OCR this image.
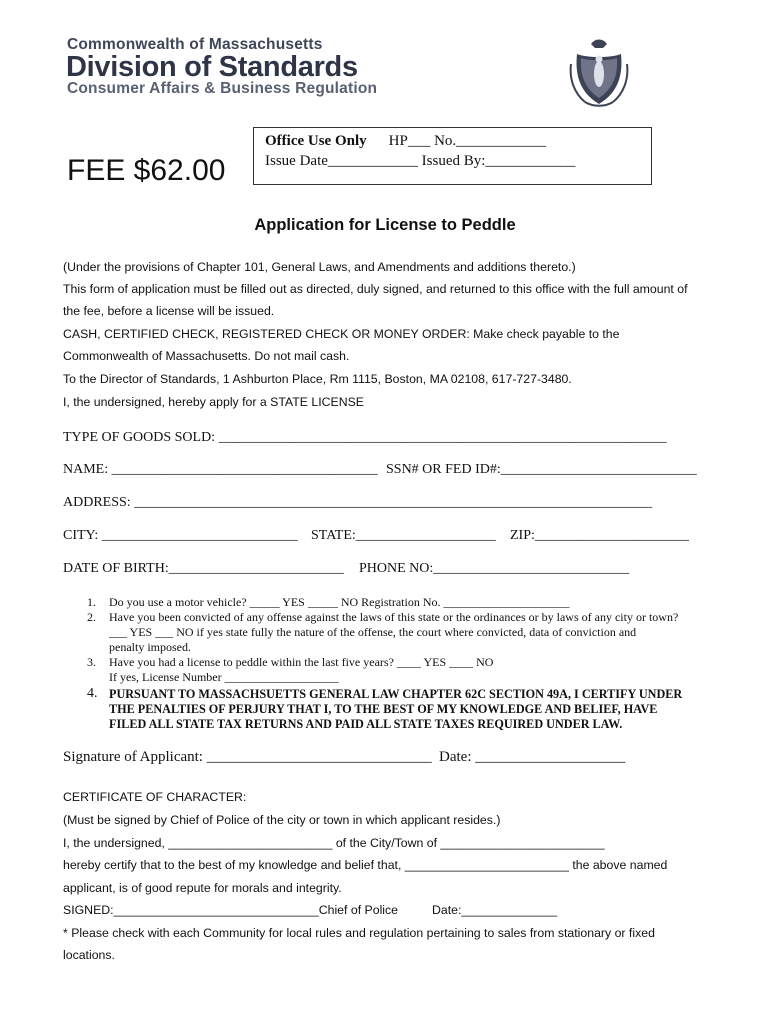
Commonwealth of Massachusetts
Division of Standards
Consumer Affairs & Business Regulation
Office Use Only HP___ No.____________
Issue Date____________ Issued By:____________
FEE $62.00
Application for License to Peddle
(Under the provisions of Chapter 101, General Laws, and Amendments and additions thereto.)
This form of application must be filled out as directed, duly signed, and returned to this office with the full amount of
the fee, before a license will be issued.
CASH, CERTIFIED CHECK, REGISTERED CHECK OR MONEY ORDER: Make check payable to the
Commonwealth of Massachusetts. Do not mail cash.
To the Director of Standards, 1 Ashburton Place, Rm 1115, Boston, MA 02108, 617-727-3480.
I, the undersigned, hereby apply for a STATE LICENSE
TYPE OF GOODS SOLD: ________________________________________________________________
NAME: ______________________________________ SSN# OR FED ID#:____________________________
ADDRESS: __________________________________________________________________________
CITY: ____________________________ STATE:____________________ ZIP:______________________
DATE OF BIRTH:_________________________ PHONE NO:____________________________
1. Do you use a motor vehicle? _____ YES _____ NO Registration No. _____________________
2. Have you been convicted of any offense against the laws of this state or the ordinances or by laws of any city or town?
___ YES ___ NO if yes state fully the nature of the offense, the court where convicted, data of conviction and
penalty imposed.
3. Have you had a license to peddle within the last five years? ____ YES ____ NO
If yes, License Number ___________________
4. PURSUANT TO MASSACHSUETTS GENERAL LAW CHAPTER 62C SECTION 49A, I CERTIFY UNDER
THE PENALTIES OF PERJURY THAT I, TO THE BEST OF MY KNOWLEDGE AND BELIEF, HAVE
FILED ALL STATE TAX RETURNS AND PAID ALL STATE TAXES REQUIRED UNDER LAW.
Signature of Applicant: ______________________________ Date: ____________________
CERTIFICATE OF CHARACTER:
(Must be signed by Chief of Police of the city or town in which applicant resides.)
I, the undersigned, ________________________ of the City/Town of ________________________
hereby certify that to the best of my knowledge and belief that, ________________________ the above named
applicant, is of good repute for morals and integrity.
SIGNED:______________________________Chief of Police	Date:______________
* Please check with each Community for local rules and regulation pertaining to sales from stationary or fixed
locations.
